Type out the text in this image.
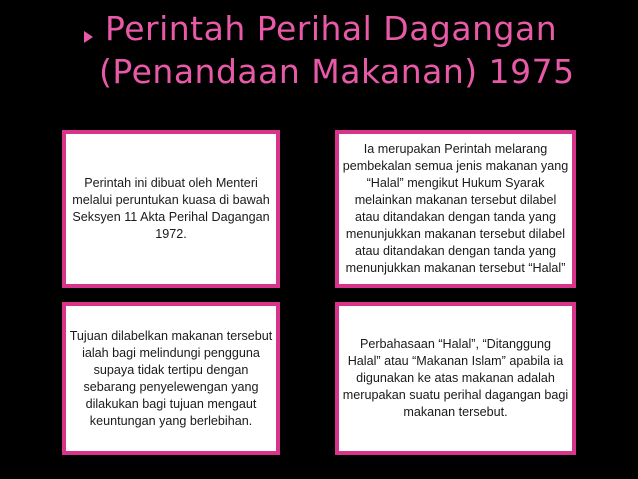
Perintah Perihal Dagangan
(Penandaan Makanan) 1975
Perintah ini dibuat oleh Menteri melalui peruntukan kuasa di bawah Seksyen 11 Akta Perihal Dagangan 1972.
Ia merupakan Perintah melarang pembekalan semua jenis makanan yang “Halal” mengikut Hukum Syarak melainkan makanan tersebut dilabel atau ditandakan dengan tanda yang menunjukkan makanan tersebut dilabel atau ditandakan dengan tanda yang menunjukkan makanan tersebut “Halal”
Tujuan dilabelkan makanan tersebut ialah bagi melindungi pengguna supaya tidak tertipu dengan sebarang penyelewengan yang dilakukan bagi tujuan mengaut keuntungan yang berlebihan.
Perbahasaan “Halal”, “Ditanggung Halal” atau “Makanan Islam” apabila ia digunakan ke atas makanan adalah merupakan suatu perihal dagangan bagi makanan tersebut.
